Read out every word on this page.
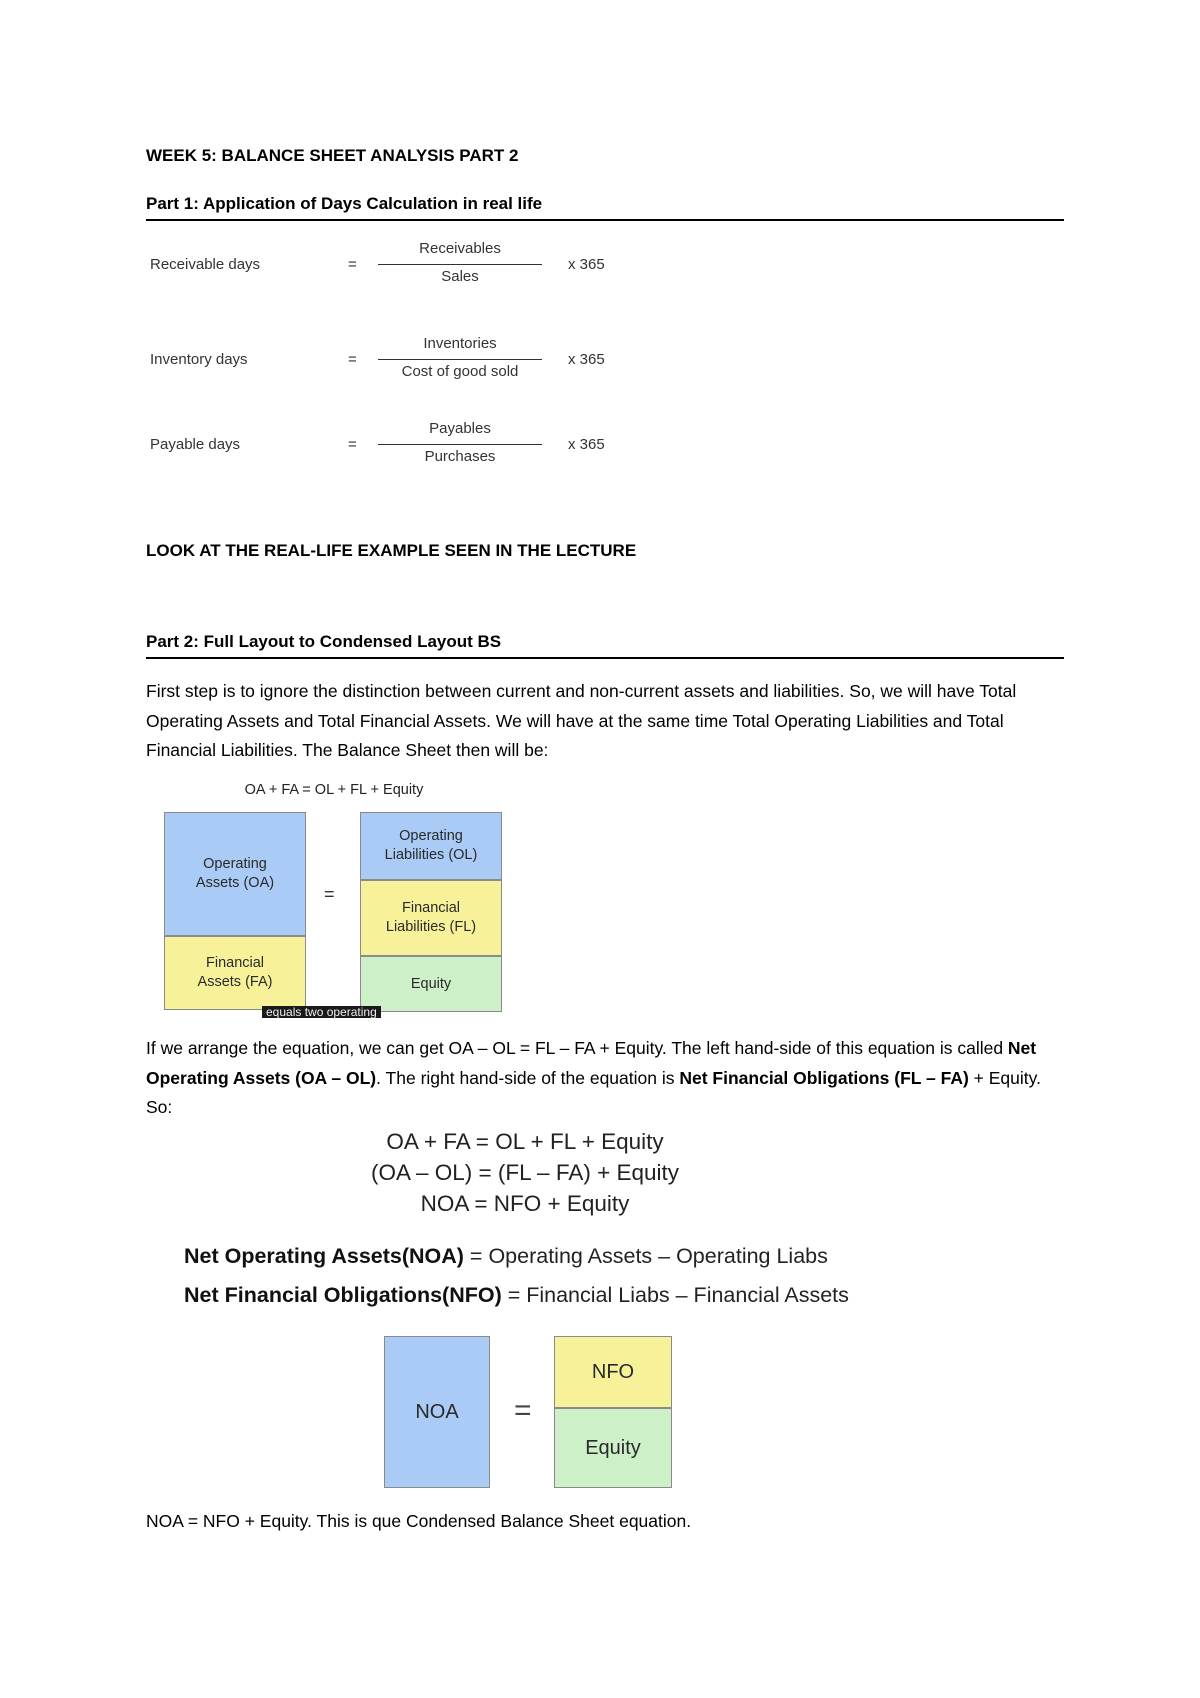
WEEK 5: BALANCE SHEET ANALYSIS PART 2
Part 1: Application of Days Calculation in real life
Receivable days	=
Receivables
Sales
x 365
Inventory days	=
Inventories
Cost of good sold
x 365
Payable days	=
Payables
Purchases
x 365
LOOK AT THE REAL-LIFE EXAMPLE SEEN IN THE LECTURE
Part 2: Full Layout to Condensed Layout BS
First step is to ignore the distinction between current and non-current assets and liabilities. So, we will have Total Operating Assets and Total Financial Assets. We will have at the same time Total Operating Liabilities and Total Financial Liabilities. The Balance Sheet then will be:
OA + FA = OL + FL + Equity
Operating Assets (OA)
Financial Assets (FA)
=
Operating Liabilities (OL)
Financial Liabilities (FL)
Equity
equals two operating
If we arrange the equation, we can get OA – OL = FL – FA + Equity. The left hand-side of this equation is called Net Operating Assets (OA – OL). The right hand-side of the equation is Net Financial Obligations (FL – FA) + Equity. So:
OA + FA = OL + FL + Equity
(OA – OL) = (FL – FA) + Equity
NOA = NFO + Equity
Net Operating Assets(NOA) = Operating Assets – Operating Liabs
Net Financial Obligations(NFO) = Financial Liabs – Financial Assets
NOA =
NFO
Equity
NOA = NFO + Equity. This is que Condensed Balance Sheet equation.
